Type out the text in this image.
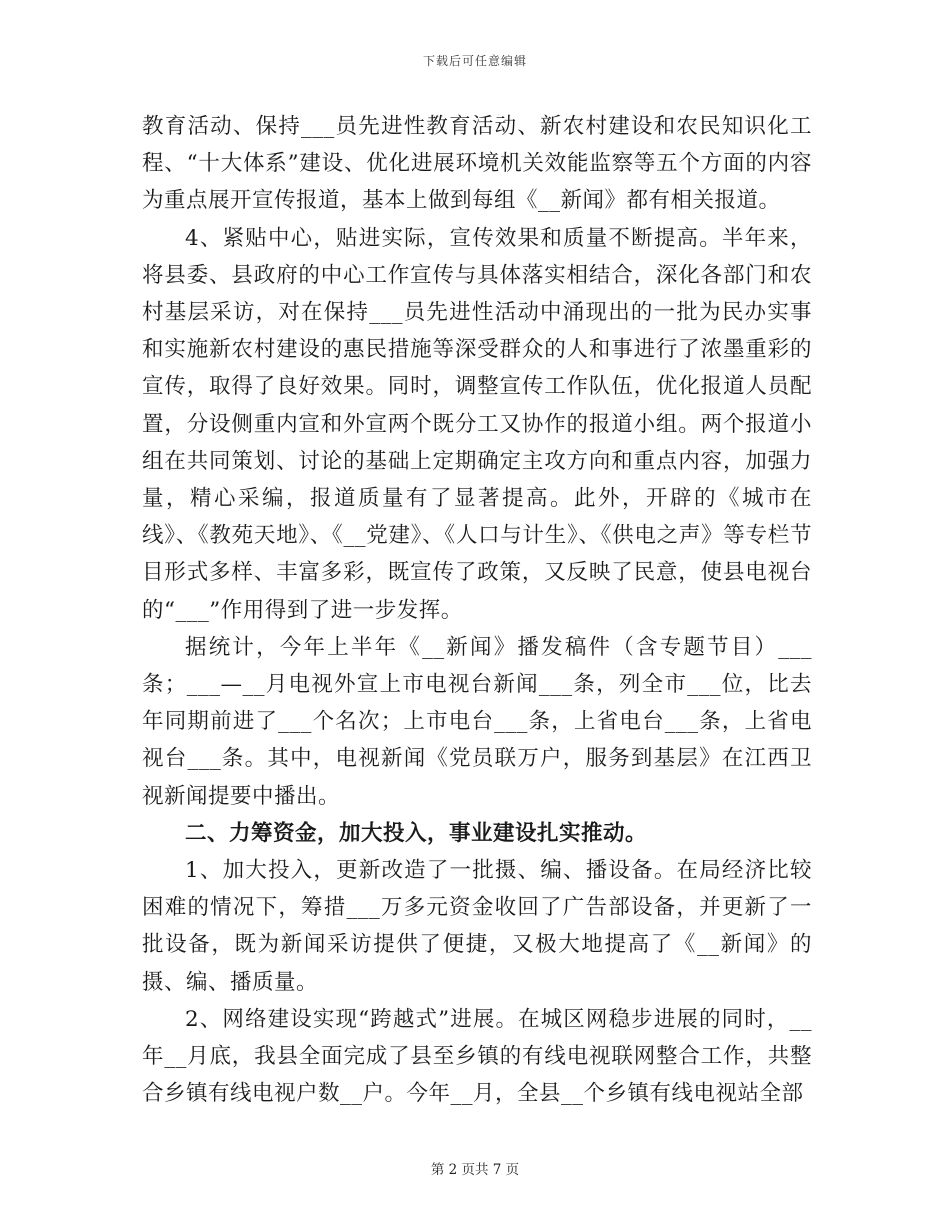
下载后可任意编辑

教育活动、保持___员先进性教育活动、新农村建设和农民知识化工程、“十大体系”建设、优化进展环境机关效能监察等五个方面的内容为重点展开宣传报道，基本上做到每组《__新闻》都有相关报道。

4、紧贴中心，贴进实际，宣传效果和质量不断提高。半年来，将县委、县政府的中心工作宣传与具体落实相结合，深化各部门和农村基层采访，对在保持___员先进性活动中涌现出的一批为民办实事和实施新农村建设的惠民措施等深受群众的人和事进行了浓墨重彩的宣传，取得了良好效果。同时，调整宣传工作队伍，优化报道人员配置，分设侧重内宣和外宣两个既分工又协作的报道小组。两个报道小组在共同策划、讨论的基础上定期确定主攻方向和重点内容，加强力量，精心采编，报道质量有了显著提高。此外，开辟的《城市在线》、《教苑天地》、《__党建》、《人口与计生》、《供电之声》等专栏节目形式多样、丰富多彩，既宣传了政策，又反映了民意，使县电视台的“___”作用得到了进一步发挥。

据统计，今年上半年《__新闻》播发稿件（含专题节目）___条；___—__月电视外宣上市电视台新闻___条，列全市___位，比去年同期前进了___个名次；上市电台___条，上省电台___条，上省电视台___条。其中，电视新闻《党员联万户，服务到基层》在江西卫视新闻提要中播出。

二、力筹资金，加大投入，事业建设扎实推动。

1、加大投入，更新改造了一批摄、编、播设备。在局经济比较困难的情况下，筹措___万多元资金收回了广告部设备，并更新了一批设备，既为新闻采访提供了便捷，又极大地提高了《__新闻》的摄、编、播质量。

2、网络建设实现“跨越式”进展。在城区网稳步进展的同时，__年__月底，我县全面完成了县至乡镇的有线电视联网整合工作，共整合乡镇有线电视户数__户。今年__月，全县__个乡镇有线电视站全部

第 2 页共 7 页
